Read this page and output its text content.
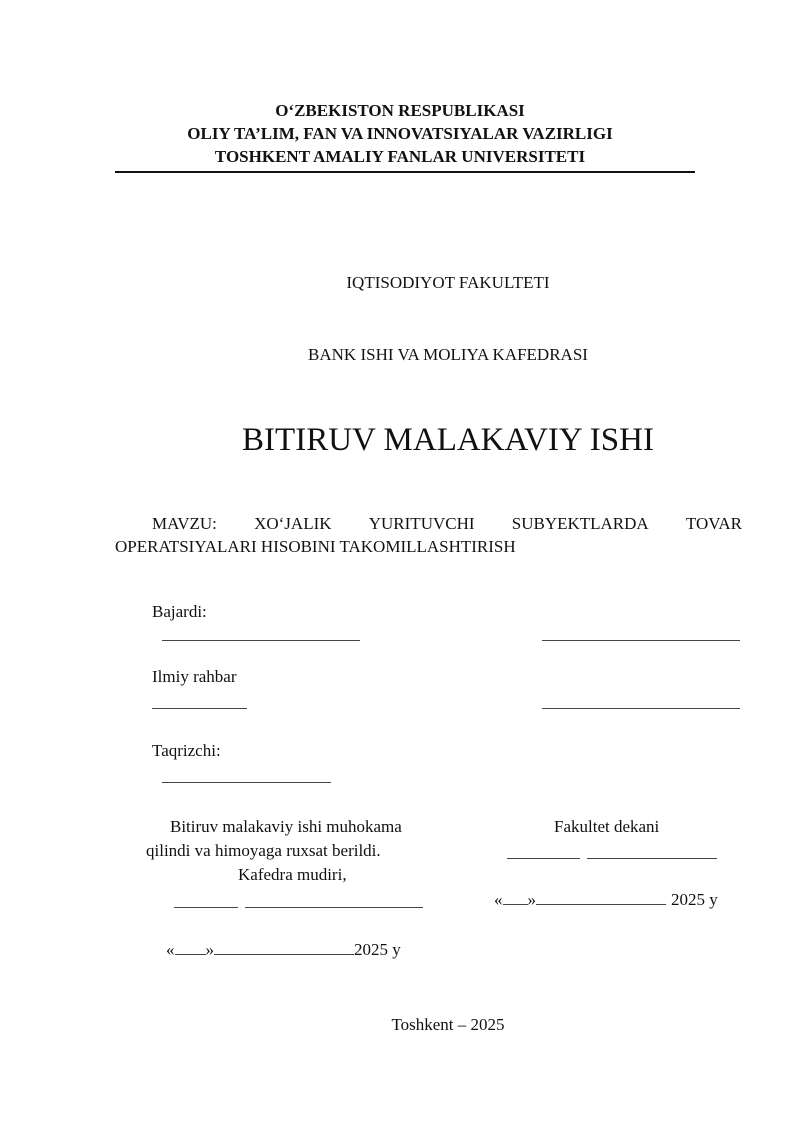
O‘ZBEKISTON RESPUBLIKASI
OLIY TA’LIM, FAN VA INNOVATSIYALAR VAZIRLIGI
TOSHKENT AMALIY FANLAR UNIVERSITETI
IQTISODIYOT FAKULTETI
BANK ISHI VA MOLIYA KAFEDRASI
BITIRUV MALAKAVIY ISHI
MAVZU: XO‘JALIK YURITUVCHI SUBYEKTLARDA TOVAR
OPERATSIYALARI HISOBINI TAKOMILLASHTIRISH
Bajardi:
Ilmiy rahbar
Taqrizchi:
Bitiruv malakaviy ishi muhokama
qilindi va himoyaga ruxsat berildi.
Kafedra mudiri,
« »	2025 y
Fakultet dekani
« »	2025 y
Toshkent – 2025
